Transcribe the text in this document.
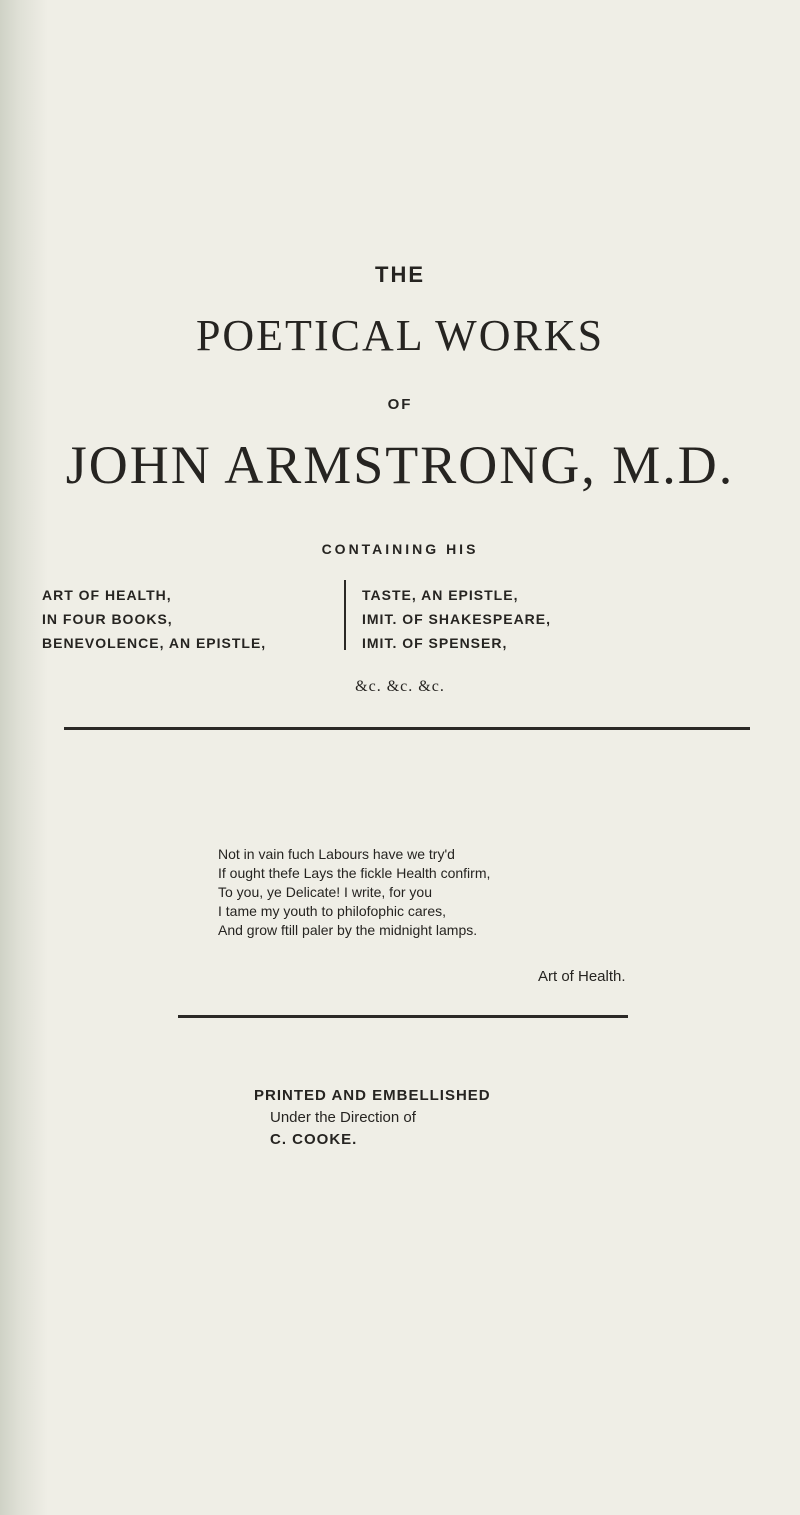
THE
POETICAL WORKS
OF
JOHN ARMSTRONG, M.D.
CONTAINING HIS
ART OF HEALTH,
IN FOUR BOOKS,
BENEVOLENCE, AN EPISTLE,
TASTE, AN EPISTLE,
IMIT. OF SHAKESPEARE,
IMIT. OF SPENSER,
&c. &c. &c.
Not in vain fuch Labours have we try'd
If ought thefe Lays the fickle Health confirm,
To you, ye Delicate! I write, for you
I tame my youth to philofophic cares,
And grow ftill paler by the midnight lamps.
Art of Health.
PRINTED AND EMBELLISHED
Under the Direction of
C. COOKE.
